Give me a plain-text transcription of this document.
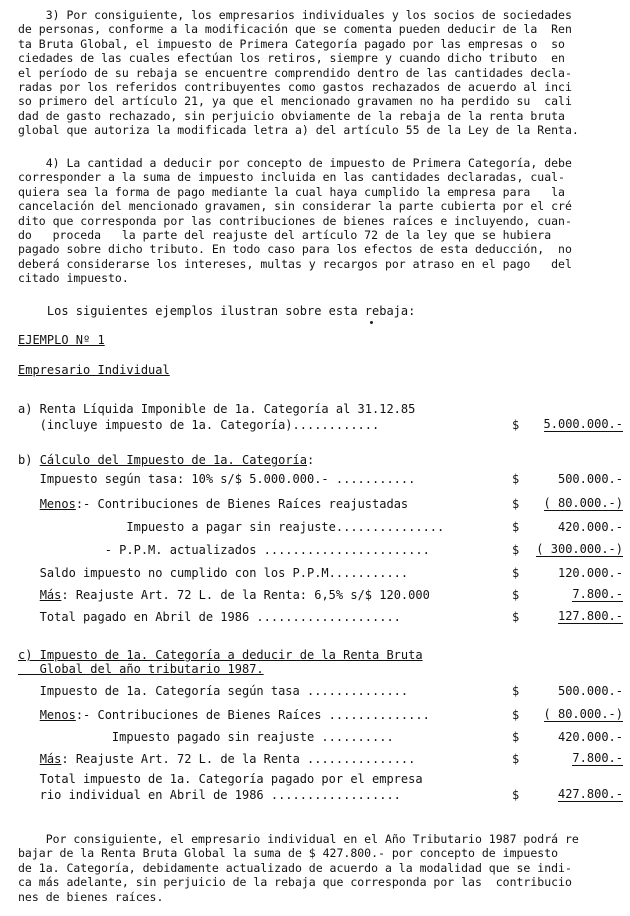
3) Por consiguiente, los empresarios individuales y los socios de sociedades
de personas, conforme a la modificación que se comenta pueden deducir de la  Ren
ta Bruta Global, el impuesto de Primera Categoría pagado por las empresas o  so
ciedades de las cuales efectúan los retiros, siempre y cuando dicho tributo  en
el período de su rebaja se encuentre comprendido dentro de las cantidades decla-
radas por los referidos contribuyentes como gastos rechazados de acuerdo al inci
so primero del artículo 21, ya que el mencionado gravamen no ha perdido su  cali
dad de gasto rechazado, sin perjuicio obviamente de la rebaja de la renta bruta
global que autoriza la modificada letra a) del artículo 55 de la Ley de la Renta.
4) La cantidad a deducir por concepto de impuesto de Primera Categoría, debe
corresponder a la suma de impuesto incluida en las cantidades declaradas, cual-
quiera sea la forma de pago mediante la cual haya cumplido la empresa para   la
cancelación del mencionado gravamen, sin considerar la parte cubierta por el cré
dito que corresponda por las contribuciones de bienes raíces e incluyendo, cuan-
do   proceda   la parte del reajuste del artículo 72 de la ley que se hubiera
pagado sobre dicho tributo. En todo caso para los efectos de esta deducción,  no
deberá considerarse los intereses, multas y recargos por atraso en el pago   del
citado impuesto.
Los siguientes ejemplos ilustran sobre esta rebaja:
EJEMPLO Nº 1
Empresario Individual
a) Renta Líquida Imponible de 1a. Categoría al 31.12.85
(incluye impuesto de 1a. Categoría)............	$ 5.000.000.-
b) Cálculo del Impuesto de 1a. Categoría:
Impuesto según tasa: 10% s/$ 5.000.000.- ...........	$	500.000.-
Menos:- Contribuciones de Bienes Raíces reajustadas	$ ( 80.000.-)
Impuesto a pagar sin reajuste...............	$	420.000.-
- P.P.M. actualizados .......................	$ ( 300.000.-)
Saldo impuesto no cumplido con los P.P.M...........	$	120.000.-
Más: Reajuste Art. 72 L. de la Renta: 6,5% s/$ 120.000	$	7.800.-
Total pagado en Abril de 1986 ....................	$	127.800.-
c) Impuesto de 1a. Categoría a deducir de la Renta Bruta
Global del año tributario 1987.
Impuesto de 1a. Categoría según tasa ..............	$	500.000.-
Menos:- Contribuciones de Bienes Raíces ..............	$ ( 80.000.-)
Impuesto pagado sin reajuste ..........	$	420.000.-
Más: Reajuste Art. 72 L. de la Renta ...............	$	7.800.-
Total impuesto de 1a. Categoría pagado por el empresa
rio individual en Abril de 1986 ..................	$	427.800.-
Por consiguiente, el empresario individual en el Año Tributario 1987 podrá re
bajar de la Renta Bruta Global la suma de $ 427.800.- por concepto de impuesto
de 1a. Categoría, debidamente actualizado de acuerdo a la modalidad que se indi-
ca más adelante, sin perjuicio de la rebaja que corresponda por las  contribucio
nes de bienes raíces.
